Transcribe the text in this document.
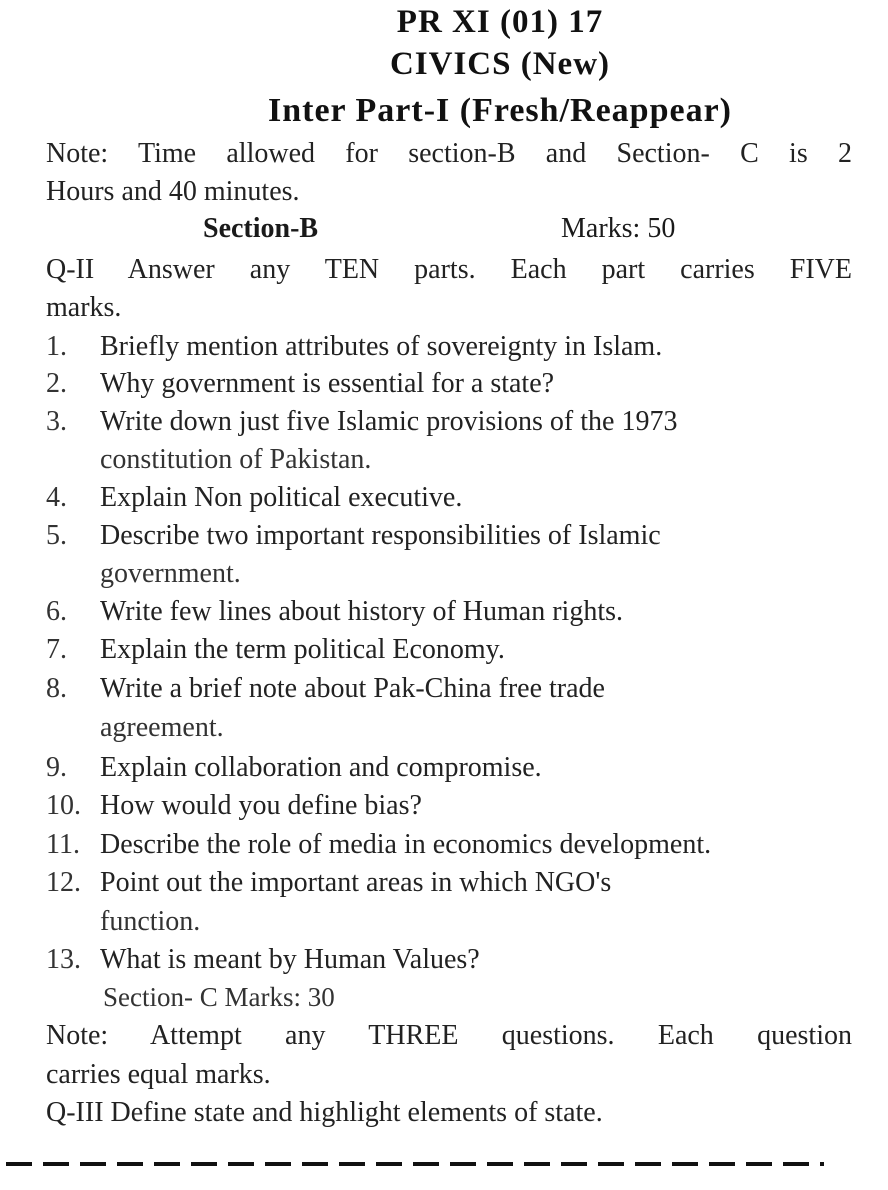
PR XI (01) 17
CIVICS (New)
Inter Part-I (Fresh/Reappear)
Note: Time allowed for section-B and Section- C is 2
Hours and 40 minutes.
Section-B	Marks: 50
Q-II Answer any TEN parts. Each part carries FIVE
marks.
1. Briefly mention attributes of sovereignty in Islam.
2. Why government is essential for a state?
3. Write down just five Islamic provisions of the 1973
constitution of Pakistan.
4. Explain Non political executive.
5. Describe two important responsibilities of Islamic
government.
6. Write few lines about history of Human rights.
7. Explain the term political Economy.
8. Write a brief note about Pak-China free trade
agreement.
9. Explain collaboration and compromise.
10. How would you define bias?
11. Describe the role of media in economics development.
12. Point out the important areas in which NGO's
function.
13. What is meant by Human Values?
Section- C Marks: 30
Note: Attempt any THREE questions. Each question
carries equal marks.
Q-III Define state and highlight elements of state.
